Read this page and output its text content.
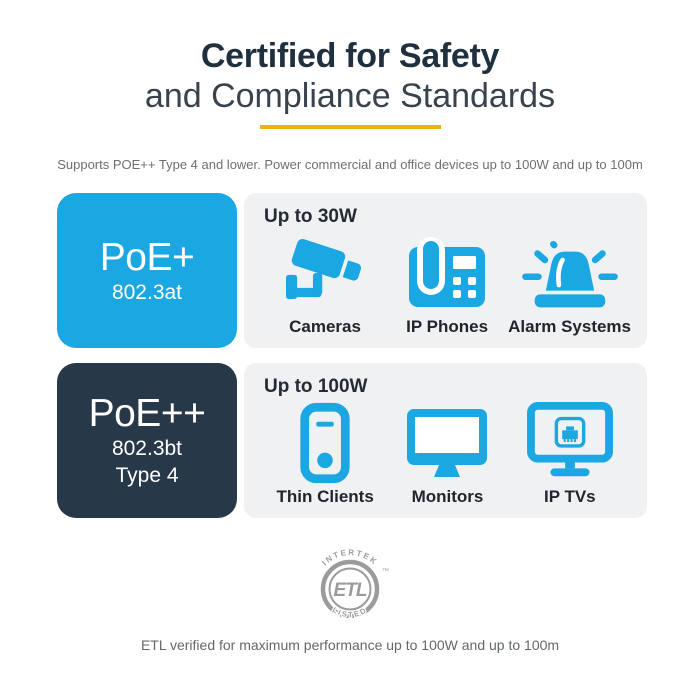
Certified for Safety
and Compliance Standards
Supports POE++ Type 4 and lower. Power commercial and office devices up to 100W and up to 100m
PoE+
802.3at
Up to 30W
Cameras	IP Phones Alarm Systems
PoE++
802.3bt
Type 4
Up to 100W
Thin Clients Monitors	IP TVs
ETL
INTERTEK
LISTED
™
ETL verified for maximum performance up to 100W and up to 100m
